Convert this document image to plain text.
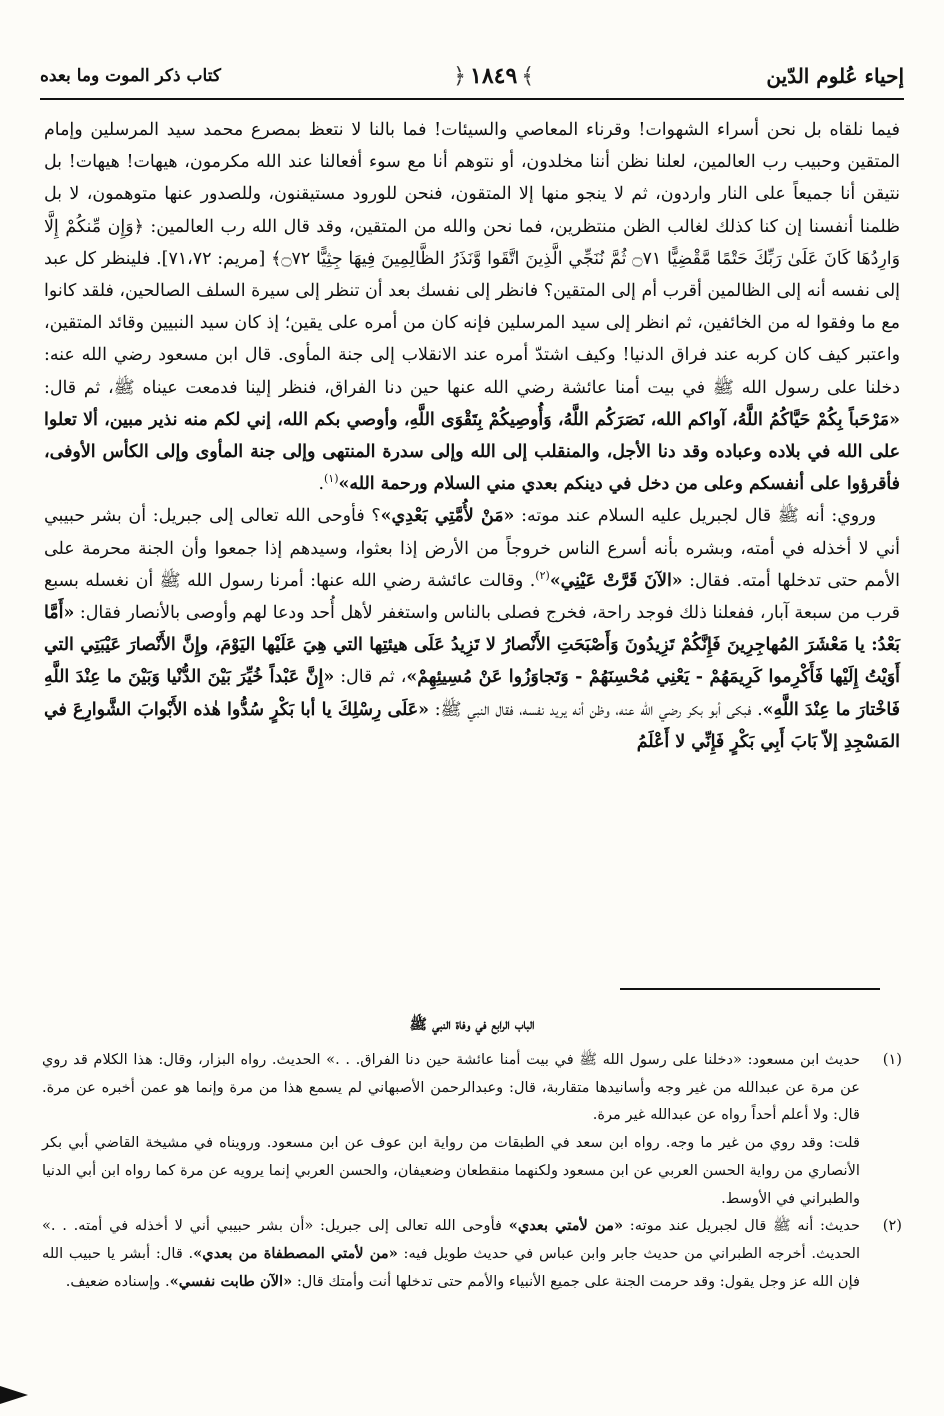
إحياء عُلوم الدّين
﴾١٨٤٩﴿
كتاب ذكر الموت وما بعده

فيما نلقاه بل نحن أسراء الشهوات! وقرناء المعاصي والسيئات! فما بالنا لا نتعظ بمصرع محمد سيد المرسلين وإمام المتقين وحبيب رب العالمين، لعلنا نظن أننا مخلدون، أو نتوهم أنا مع سوء أفعالنا عند الله مكرمون، هيهات! هيهات! بل نتيقن أنا جميعاً على النار واردون، ثم لا ينجو منها إلا المتقون، فنحن للورود مستيقنون، وللصدور عنها متوهمون، لا بل ظلمنا أنفسنا إن كنا كذلك لغالب الظن منتظرين، فما نحن والله من المتقين، وقد قال الله رب العالمين: ﴿وَإِن مِّنكُمْ إِلَّا وَارِدُهَا كَانَ عَلَىٰ رَبِّكَ حَتْمًا مَّقْضِيًّا ۝٧١ ثُمَّ نُنَجِّي الَّذِينَ اتَّقَوا وَّنَذَرُ الظَّالِمِينَ فِيهَا جِثِيًّا ۝٧٢﴾ [مريم: ٧١،٧٢]. فلينظر كل عبد إلى نفسه أنه إلى الظالمين أقرب أم إلى المتقين؟ فانظر إلى نفسك بعد أن تنظر إلى سيرة السلف الصالحين، فلقد كانوا مع ما وفقوا له من الخائفين، ثم انظر إلى سيد المرسلين فإنه كان من أمره على يقين؛ إذ كان سيد النبيين وقائد المتقين، واعتبر كيف كان كربه عند فراق الدنيا! وكيف اشتدّ أمره عند الانقلاب إلى جنة المأوى. قال ابن مسعود رضي الله عنه: دخلنا على رسول الله ﷺ في بيت أمنا عائشة رضي الله عنها حين دنا الفراق، فنظر إلينا فدمعت عيناه ﷺ، ثم قال: «مَرْحَباً بِكُمْ حَيَّاكُمُ اللَّهُ، آواكم الله، نَصَرَكُم اللَّهُ، وَأُوصِيكُمْ بِتَقْوَى اللَّهِ، وأوصي بكم الله، إني لكم منه نذير مبين، ألا تعلوا على الله في بلاده وعباده وقد دنا الأجل، والمنقلب إلى الله وإلى سدرة المنتهى وإلى جنة المأوى وإلى الكأس الأوفى، فأقرؤوا على أنفسكم وعلى من دخل في دينكم بعدي مني السلام ورحمة الله»$^{(١)}$.

وروي: أنه ﷺ قال لجبريل عليه السلام عند موته: «مَنْ لأُمَّتِي بَعْدِي»؟ فأوحى الله تعالى إلى جبريل: أن بشر حبيبي أني لا أخذله في أمته، وبشره بأنه أسرع الناس خروجاً من الأرض إذا بعثوا، وسيدهم إذا جمعوا وأن الجنة محرمة على الأمم حتى تدخلها أمته. فقال: «الآنَ قَرَّتْ عَيْنِي»$^{(٢)}$. وقالت عائشة رضي الله عنها: أمرنا رسول الله ﷺ أن نغسله بسبع قرب من سبعة آبار، ففعلنا ذلك فوجد راحة، فخرج فصلى بالناس واستغفر لأهل أُحد ودعا لهم وأوصى بالأنصار فقال: «أَمَّا بَعْدُ: يا مَعْشَرَ المُهاجِرِينَ فَإِنَّكُمْ تَزِيدُونَ وَأَصْبَحَتِ الأَنْصارُ لا تَزِيدُ عَلَى هيئتِها التي هِيَ عَلَيْها اليَوْمَ، وإِنَّ الأَنْصارَ عَيْبَتِي التي أَوَيْتُ إِلَيْها فَأَكْرِموا كَرِيمَهُمْ - يَعْنِي مُحْسِنَهُمْ - وَتَجاوَزُوا عَنْ مُسِيئِهِمْ»، ثم قال: «إِنَّ عَبْداً خُيِّرَ بَيْنَ الدُّنْيا وَبَيْنَ ما عِنْدَ اللَّهِ فَاخْتارَ ما عِنْدَ اللَّهِ». فبكى أبو بكر رضي الله عنه، وظن أنه يريد نفسه، فقال النبي ﷺ: «عَلَى رِسْلِكَ يا أبا بَكْرٍ سُدُّوا هٰذه الأَبْوابَ الشَّوارِعَ في المَسْجِدِ إلاّ بَابَ أَبِي بَكْرٍ فَإِنِّي لا أَعْلَمُ

الباب الرابع في وفاة النبي ﷺ
(١)
حديث ابن مسعود: «دخلنا على رسول الله ﷺ في بيت أمنا عائشة حين دنا الفراق. . .» الحديث. رواه البزار، وقال: هذا الكلام قد روي عن مرة عن عبدالله من غير وجه وأسانيدها متقاربة، قال: وعبدالرحمن الأصبهاني لم يسمع هذا من مرة وإنما هو عمن أخبره عن مرة. قال: ولا أعلم أحداً رواه عن عبدالله غير مرة.
قلت: وقد روي من غير ما وجه. رواه ابن سعد في الطبقات من رواية ابن عوف عن ابن مسعود. ورويناه في مشيخة القاضي أبي بكر الأنصاري من رواية الحسن العربي عن ابن مسعود ولكنهما منقطعان وضعيفان، والحسن العربي إنما يرويه عن مرة كما رواه ابن أبي الدنيا والطبراني في الأوسط.
(٢)
حديث: أنه ﷺ قال لجبريل عند موته: «من لأمتي بعدي» فأوحى الله تعالى إلى جبريل: «أن بشر حبيبي أني لا أخذله في أمته. . .» الحديث. أخرجه الطبراني من حديث جابر وابن عباس في حديث طويل فيه: «من لأمتي المصطفاة من بعدي». قال: أبشر يا حبيب الله فإن الله عز وجل يقول: وقد حرمت الجنة على جميع الأنبياء والأمم حتى تدخلها أنت وأمتك قال: «الآن طابت نفسي». وإسناده ضعيف.
